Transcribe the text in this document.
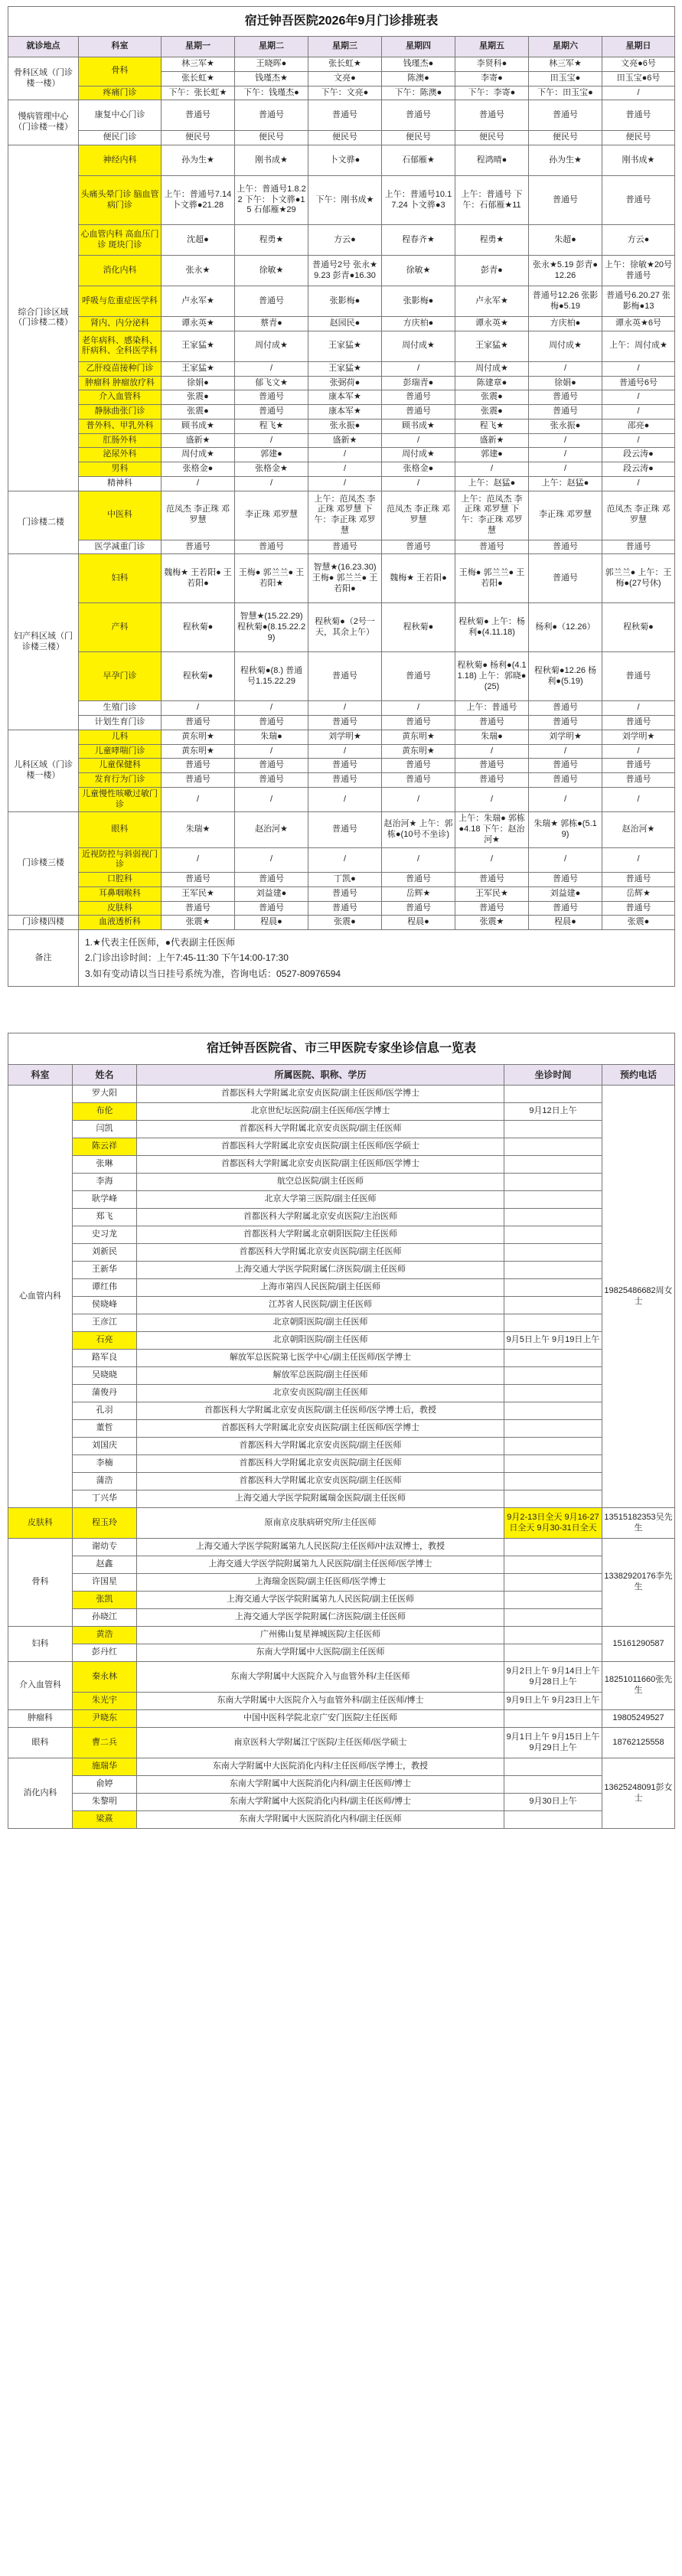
宿迁钟吾医院2026年9月门诊排班表								
就诊地点	科室	星期一	星期二	星期三	星期四	星期五	星期六	星期日
骨科区域（门诊楼一楼）	骨科	林三军★	王晓晖●	张长虹★	钱瑾杰●	李贤科●	林三军★	文亮●6号
		张长虹★	钱瑾杰★	文亮●	陈澳●	李寄●	田玉宝●	田玉宝●6号
	疼痛门诊	下午：张长虹★	下午：钱瑾杰●	下午：文亮●	下午：陈澳●	下午：李寄●	下午：田玉宝●	/
慢病管理中心（门诊楼一楼）	康复中心门诊	普通号	普通号	普通号	普通号	普通号	普通号	普通号
	便民门诊	便民号	便民号	便民号	便民号	便民号	便民号	便民号
综合门诊区域（门诊楼二楼）	神经内科	孙为生★	刚书成★	卜文骅●	石郁雁★	程鸿晴●	孙为生★	刚书成★
	头痛头晕门诊 脑血管病门诊	上午：普通号7.14 卜文骅●21.28	上午：普通号1.8.22 下午：卜文骅●15 石郁雁★29	下午：刚书成★	上午：普通号10.17.24 卜文骅●3	上午：普通号 下午：石郁雁★11	普通号	普通号
	心血管内科 高血压门诊 斑块门诊	沈超●	程勇★	方云●	程春齐★	程勇★	朱超●	方云●
	消化内科	张永★	徐敏★	普通号2号 张永★9.23 彭青●16.30	徐敏★	彭青●	张永★5.19 彭青●12.26	上午：徐敏★20号 普通号
	呼吸与危重症医学科	卢永军★	普通号	张影梅●	张影梅●	卢永军★	普通号12.26 张影梅●5.19	普通号6.20.27 张影梅●13
	肾内、内分泌科	谭永英★	蔡青●	赵园民●	方庆柏●	谭永英★	方庆柏●	谭永英★6号
	老年病科、感染科、肝病科、全科医学科	王家猛★	周付成★	王家猛★	周付成★	王家猛★	周付成★	上午：周付成★
	乙肝疫苗接种门诊	王家猛★	/	王家猛★	/	周付成★	/	/
	肿瘤科 肿瘤放疗科	徐娟●	郁飞文★	张弼荷●	彭瑞青●	陈建章●	徐娟●	普通号6号
	介入血管科	张震●	普通号	康本军★	普通号	张震●	普通号	/
	静脉曲张门诊	张震●	普通号	康本军★	普通号	张震●	普通号	/
	普外科、甲乳外科	顾书成★	程飞★	张永振●	顾书成★	程飞★	张永振●	邵亮●
	肛肠外科	盛新★	/	盛新★	/	盛新★	/	/
	泌尿外科	周付成★	郭建●	/	周付成★	郭建●	/	段云涛●
	男科	张格金●	张格金★	/	张格金●	/	/	段云涛●
	精神科	/	/	/	/	上午：赵猛●	上午：赵猛●	/
门诊楼二楼	中医科	范凤杰 李正珠 邓罗慧	李正珠 邓罗慧	上午：范凤杰 李正珠 邓罗慧 下午：李正珠 邓罗慧	范凤杰 李正珠 邓罗慧	上午：范凤杰 李正珠 邓罗慧 下午：李正珠 邓罗慧	李正珠 邓罗慧	范凤杰 李正珠 邓罗慧
	医学减重门诊	普通号	普通号	普通号	普通号	普通号	普通号	普通号
妇产科区域（门诊楼三楼）	妇科	魏梅★ 王若阳● 王若阳●	王梅● 郭兰兰● 王若阳★	智慧★(16.23.30) 王梅● 郭兰兰● 王若阳●	魏梅★ 王若阳●	王梅● 郭兰兰● 王若阳●	普通号	郭兰兰● 上午：王梅●(27号休)
	产科	程秋菊●	智慧★(15.22.29) 程秋菊●(8.15.22.29)	程秋菊●（2号一天，其余上午）	程秋菊●	程秋菊● 上午：杨利●(4.11.18)	杨利●（12.26）	程秋菊●
	早孕门诊	程秋菊●	程秋菊●(8.) 普通号1.15.22.29	普通号	普通号	程秋菊● 杨利●(4.11.18) 上午：郭晓●(25)	程秋菊●12.26 杨利●(5.19)	普通号
	生殖门诊	/	/	/	/	上午：普通号	普通号	/
	计划生育门诊	普通号	普通号	普通号	普通号	普通号	普通号	普通号
儿科区域（门诊楼一楼）	儿科	黄东明★	朱瑞●	刘学明★	黄东明★	朱瑞●	刘学明★	刘学明★
	儿童哮喘门诊	黄东明★	/	/	黄东明★	/	/	/
	儿童保健科	普通号	普通号	普通号	普通号	普通号	普通号	普通号
	发育行为门诊	普通号	普通号	普通号	普通号	普通号	普通号	普通号
	儿童慢性咳嗽过敏门诊	/	/	/	/	/	/	/
门诊楼三楼	眼科	朱瑞★	赵治河★	普通号	赵治河★ 上午：郭栋●(10号不坐诊)	上午：朱瑞● 郭栋●4.18 下午：赵治河★	朱瑞★ 郭栋●(5.19)	赵治河★
	近视防控与斜弱视门诊	/	/	/	/	/	/	/
	口腔科	普通号	普通号	丁凯●	普通号	普通号	普通号	普通号
	耳鼻咽喉科	王军民★	刘益建●	普通号	岳辉★	王军民★	刘益建●	岳辉★
	皮肤科	普通号	普通号	普通号	普通号	普通号	普通号	普通号
门诊楼四楼	血液透析科	张震★	程晨●	张震●	程晨●	张震★	程晨●	张震●
备注	1.★代表主任医师，●代表副主任医师
2.门诊出诊时间：上午7:45-11:30 下午14:00-17:30
3.如有变动请以当日挂号系统为准，咨询电话：0527-80976594							
宿迁钟吾医院省、市三甲医院专家坐诊信息一览表				
科室	姓名	所属医院、职称、学历	坐诊时间	预约电话
心血管内科	罗大阳	首都医科大学附属北京安贞医院/副主任医师/医学博士		19825486682周女士
	布伦	北京世纪坛医院/副主任医师/医学博士	9月12日上午	
	闫凯	首都医科大学附属北京安贞医院/副主任医师		
	陈云祥	首都医科大学附属北京安贞医院/副主任医师/医学硕士		
	张琳	首都医科大学附属北京安贞医院/副主任医师/医学博士		
	李海	航空总医院/副主任医师		
	耿学峰	北京大学第三医院/副主任医师		
	郑飞	首都医科大学附属北京安贞医院/主治医师		
	史习龙	首都医科大学附属北京朝阳医院/主任医师		
	刘新民	首都医科大学附属北京安贞医院/副主任医师		
	王新华	上海交通大学医学院附属仁济医院/副主任医师		
	谭红伟	上海市第四人民医院/副主任医师		
	侯晓峰	江苏省人民医院/副主任医师		
	王彦江	北京朝阳医院/副主任医师		
	石亮	北京朝阳医院/副主任医师	9月5日上午 9月19日上午	
	路军良	解放军总医院第七医学中心/副主任医师/医学博士		
	吴晓晓	解放军总医院/副主任医师		
	蒲俊丹	北京安贞医院/副主任医师		
	孔羽	首都医科大学附属北京安贞医院/副主任医师/医学博士后，教授		
	董哲	首都医科大学附属北京安贞医院/副主任医师/医学博士		
	刘国庆	首都医科大学附属北京安贞医院/副主任医师		
	李楠	首都医科大学附属北京安贞医院/副主任医师		
	蒲浩	首都医科大学附属北京安贞医院/副主任医师		
	丁兴华	上海交通大学医学院附属瑞金医院/副主任医师		
皮肤科	程玉玲	原南京皮肤病研究所/主任医师	9月2-13日全天 9月16-27日全天 9月30-31日全天	13515182353吴先生
骨科	谢幼专	上海交通大学医学院附属第九人民医院/主任医师/中法双博士，教授		13382920176李先生
	赵鑫	上海交通大学医学院附属第九人民医院/副主任医师/医学博士		
	许国星	上海瑞金医院/副主任医师/医学博士		
	张凯	上海交通大学医学院附属第九人民医院/副主任医师		
	孙晓江	上海交通大学医学院附属仁济医院/副主任医师		
妇科	黄浩	广州佛山复星禅城医院/主任医师		15161290587
	彭丹红	东南大学附属中大医院/副主任医师		
介入血管科	秦永林	东南大学附属中大医院介入与血管外科/主任医师	9月2日上午 9月14日上午 9月28日上午	18251011660张先生
	朱光宇	东南大学附属中大医院介入与血管外科/副主任医师/博士	9月9日上午 9月23日上午	
肿瘤科	尹晓东	中国中医科学院北京广安门医院/主任医师		19805249527
眼科	曹二兵	南京医科大学附属江宁医院/主任医师/医学硕士	9月1日上午 9月15日上午 9月29日上午	18762125558
消化内科	施瑞华	东南大学附属中大医院消化内科/主任医师/医学博士，教授		13625248091彭女士
	俞婷	东南大学附属中大医院消化内科/副主任医师/博士		
	朱黎明	东南大学附属中大医院消化内科/副主任医师/博士	9月30日上午	
	梁熹	东南大学附属中大医院消化内科/副主任医师		
